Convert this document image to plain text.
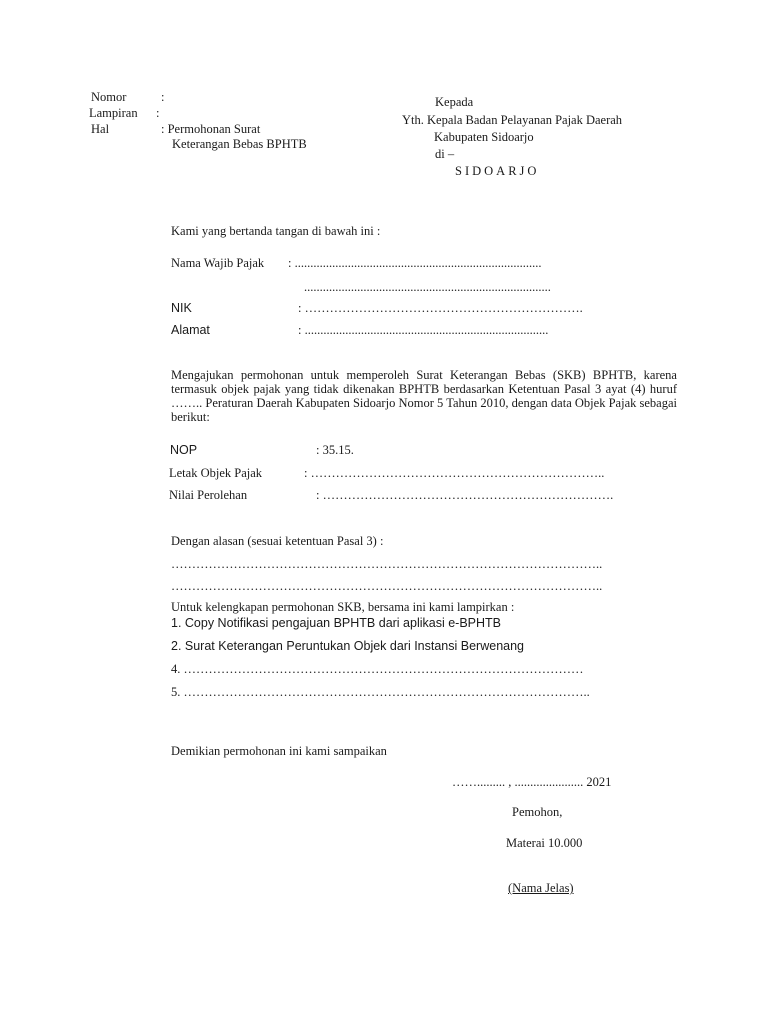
Nomor	:
Lampiran :
Hal	: Permohonan Surat
Keterangan Bebas BPHTB
Kepada
Yth. Kepala Badan Pelayanan Pajak Daerah
Kabupaten Sidoarjo
di –
SIDOARJO
Kami yang bertanda tangan di bawah ini :
Nama Wajib Pajak : ...............................................................................
...............................................................................
NIK	: ………………………………………………………….
Alamat	: ..............................................................................
Mengajukan permohonan untuk memperoleh Surat Keterangan Bebas (SKB) BPHTB, karena termasuk objek pajak yang tidak dikenakan BPHTB berdasarkan Ketentuan Pasal 3 ayat (4) huruf …….. Peraturan Daerah Kabupaten Sidoarjo Nomor 5 Tahun 2010, dengan data Objek Pajak sebagai berikut:
NOP	: 35.15.
Letak Objek Pajak	: ……………………………………………………………..
Nilai Perolehan	: …………………………………………………………….
Dengan alasan (sesuai ketentuan Pasal 3) :
…………………………………………………………………………………………..
…………………………………………………………………………………………..
Untuk kelengkapan permohonan SKB, bersama ini kami lampirkan :
1. Copy Notifikasi pengajuan BPHTB dari aplikasi e-BPHTB
2. Surat Keterangan Peruntukan Objek dari Instansi Berwenang
4. ……………………………………………………………………………………
5. ……………………………………………………………………………………..
Demikian permohonan ini kami sampaikan
……......... , ...................... 2021
Pemohon,
Materai 10.000
(Nama Jelas)
